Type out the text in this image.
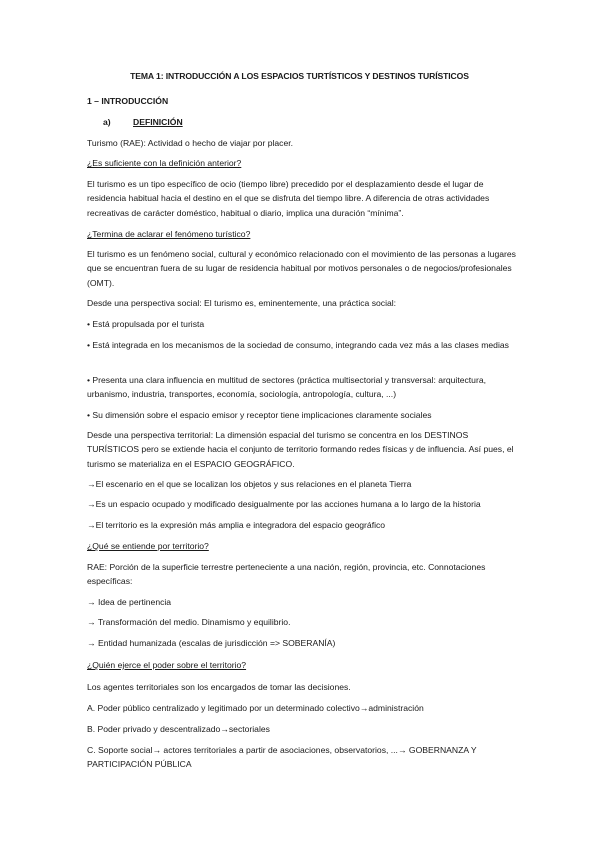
TEMA 1: INTRODUCCIÓN A LOS ESPACIOS TURTÍSTICOS Y DESTINOS TURÍSTICOS

1 – INTRODUCCIÓN

a)	DEFINICIÓN

Turismo (RAE): Actividad o hecho de viajar por placer.

¿Es suficiente con la definición anterior?

El turismo es un tipo específico de ocio (tiempo libre) precedido por el desplazamiento desde el lugar de residencia habitual hacia el destino en el que se disfruta del tiempo libre. A diferencia de otras actividades recreativas de carácter doméstico, habitual o diario, implica una duración “mínima”.

¿Termina de aclarar el fenómeno turístico?

El turismo es un fenómeno social, cultural y económico relacionado con el movimiento de las personas a lugares que se encuentran fuera de su lugar de residencia habitual por motivos personales o de negocios/profesionales (OMT).

Desde una perspectiva social: El turismo es, eminentemente, una práctica social:

• Está propulsada por el turista

• Está integrada en los mecanismos de la sociedad de consumo, integrando cada vez más a las clases medias

• Presenta una clara influencia en multitud de sectores (práctica multisectorial y transversal: arquitectura, urbanismo, industria, transportes, economía, sociología, antropología, cultura, ...)

• Su dimensión sobre el espacio emisor y receptor tiene implicaciones claramente sociales

Desde una perspectiva territorial: La dimensión espacial del turismo se concentra en los DESTINOS TURÍSTICOS pero se extiende hacia el conjunto de territorio formando redes físicas y de influencia. Así pues, el turismo se materializa en el ESPACIO GEOGRÁFICO.

→El escenario en el que se localizan los objetos y sus relaciones en el planeta Tierra

→Es un espacio ocupado y modificado desigualmente por las acciones humana a lo largo de la historia

→El territorio es la expresión más amplia e integradora del espacio geográfico

¿Qué se entiende por territorio?

RAE: Porción de la superficie terrestre perteneciente a una nación, región, provincia, etc. Connotaciones específicas:

→ Idea de pertinencia

→ Transformación del medio. Dinamismo y equilibrio.

→ Entidad humanizada (escalas de jurisdicción => SOBERANÍA)

¿Quién ejerce el poder sobre el territorio?

Los agentes territoriales son los encargados de tomar las decisiones.

A. Poder público centralizado y legitimado por un determinado colectivo→administración

B. Poder privado y descentralizado→sectoriales

C. Soporte social→ actores territoriales a partir de asociaciones, observatorios, ...→ GOBERNANZA Y PARTICIPACIÓN PÚBLICA
